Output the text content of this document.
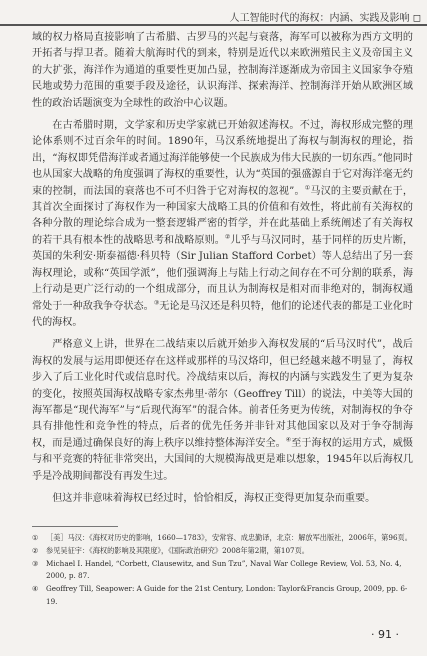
人工智能时代的海权：内涵、实践及影响 ◻

域的权力格局直接影响了古希腊、古罗马的兴起与衰落，海军可以被称为西方文明的开拓者与捍卫者。随着大航海时代的到来，特别是近代以来欧洲殖民主义及帝国主义的大扩张，海洋作为通道的重要性更加凸显，控制海洋逐渐成为帝国主义国家争夺殖民地或势力范围的重要手段及途径，认识海洋、探索海洋、控制海洋开始从欧洲区域性的政治话题演变为全球性的政治中心议题。

在古希腊时期，文学家和历史学家就已开始叙述海权。不过，海权形成完整的理论体系则不过百余年的时间。1890年，马汉系统地提出了海权与制海权的理论，指出，“海权即凭借海洋或者通过海洋能够使一个民族成为伟大民族的一切东西。”他同时也从国家大战略的角度强调了海权的重要性，认为“英国的强盛源自于它对海洋毫无约束的控制，而法国的衰落也不可不归咎于它对海权的忽视”。①马汉的主要贡献在于，其首次全面探讨了海权作为一种国家大战略工具的价值和有效性，将此前有关海权的各种分散的理论综合成为一整套逻辑严密的哲学，并在此基础上系统阐述了有关海权的若干具有根本性的战略思考和战略原则。②儿乎与马汉同时，基于同样的历史片断，英国的朱利安·斯泰福德·科贝特（Sir Julian Stafford Corbet）等人总结出了另一套海权理论，或称“英国学派”，他们强调海上与陆上行动之间存在不可分割的联系，海上行动是更广泛行动的一个组成部分，而且认为制海权是相对而非绝对的，制海权通常处于一种敌我争夺状态。③无论是马汉还是科贝特，他们的论述代表的都是工业化时代的海权。

严格意义上讲，世界在二战结束以后就开始步入海权发展的“后马汉时代”，战后海权的发展与运用即便还存在这样或那样的马汉烙印，但已经越来越不明显了，海权步入了后工业化时代或信息时代。冷战结束以后，海权的内涵与实践发生了更为复杂的变化，按照英国海权战略专家杰弗里·蒂尔（Geoffrey Till）的说法，中美等大国的海军都是“现代海军”与“后现代海军”的混合体。前者任务更为传统，对制海权的争夺具有排他性和竞争性的特点，后者的优先任务并非针对其他国家以及对于争夺制海权，而是通过确保良好的海上秩序以维持整体海洋安全。④至于海权的运用方式，威慑与和平竞赛的特征非常突出，大国间的大规模海战更是难以想象，1945年以后海权几乎是冷战期间都没有再发生过。

但这并非意味着海权已经过时，恰恰相反，海权正变得更加复杂而重要。

①	［美］马汉：《海权对历史的影响，1660—1783》，安常容、成忠勤译，北京：解放军出版社，2006年，第96页。
②	参见吴征宇：《海权的影响及其限度》，《国际政治研究》2008年第2期，第107页。
③	Michael I. Handel, “Corbett, Clausewitz, and Sun Tzu”, Naval War College Review, Vol. 53, No. 4, 2000, p. 87.
④	Geoffrey Till, Seapower: A Guide for the 21st Century, London: Taylor&Francis Group, 2009, pp. 6-19.
· 91 ·
